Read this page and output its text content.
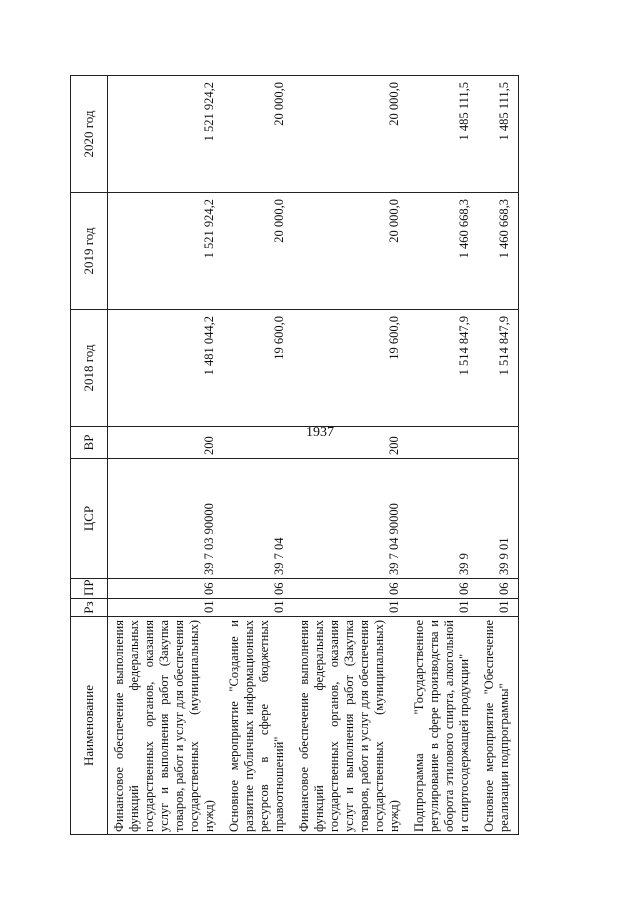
1937
Наименование	Рз	ПР	ЦСР	ВР	2018 год	2019 год	2020 год
Финансовое обеспечение выполнения функций федеральных государственных органов, оказания услуг и выполнения работ (Закупка товаров, работ и услуг для обеспечения государственных (муниципальных) нужд)	01	06	39 7 03 90000	200	1 481 044,2	1 521 924,2	1 521 924,2
Основное мероприятие "Создание и развитие публичных информационных ресурсов в сфере бюджетных правоотношений"	01	06	39 7 04		19 600,0	20 000,0	20 000,0
Финансовое обеспечение выполнения функций федеральных государственных органов, оказания услуг и выполнения работ (Закупка товаров, работ и услуг для обеспечения государственных (муниципальных) нужд)	01	06	39 7 04 90000	200	19 600,0	20 000,0	20 000,0
Подпрограмма "Государственное регулирование в сфере производства и оборота этилового спирта, алкогольной и спиртосодержащей продукции"	01	06	39 9		1 514 847,9	1 460 668,3	1 485 111,5
Основное мероприятие "Обеспечение реализации подпрограммы"	01	06	39 9 01		1 514 847,9	1 460 668,3	1 485 111,5
